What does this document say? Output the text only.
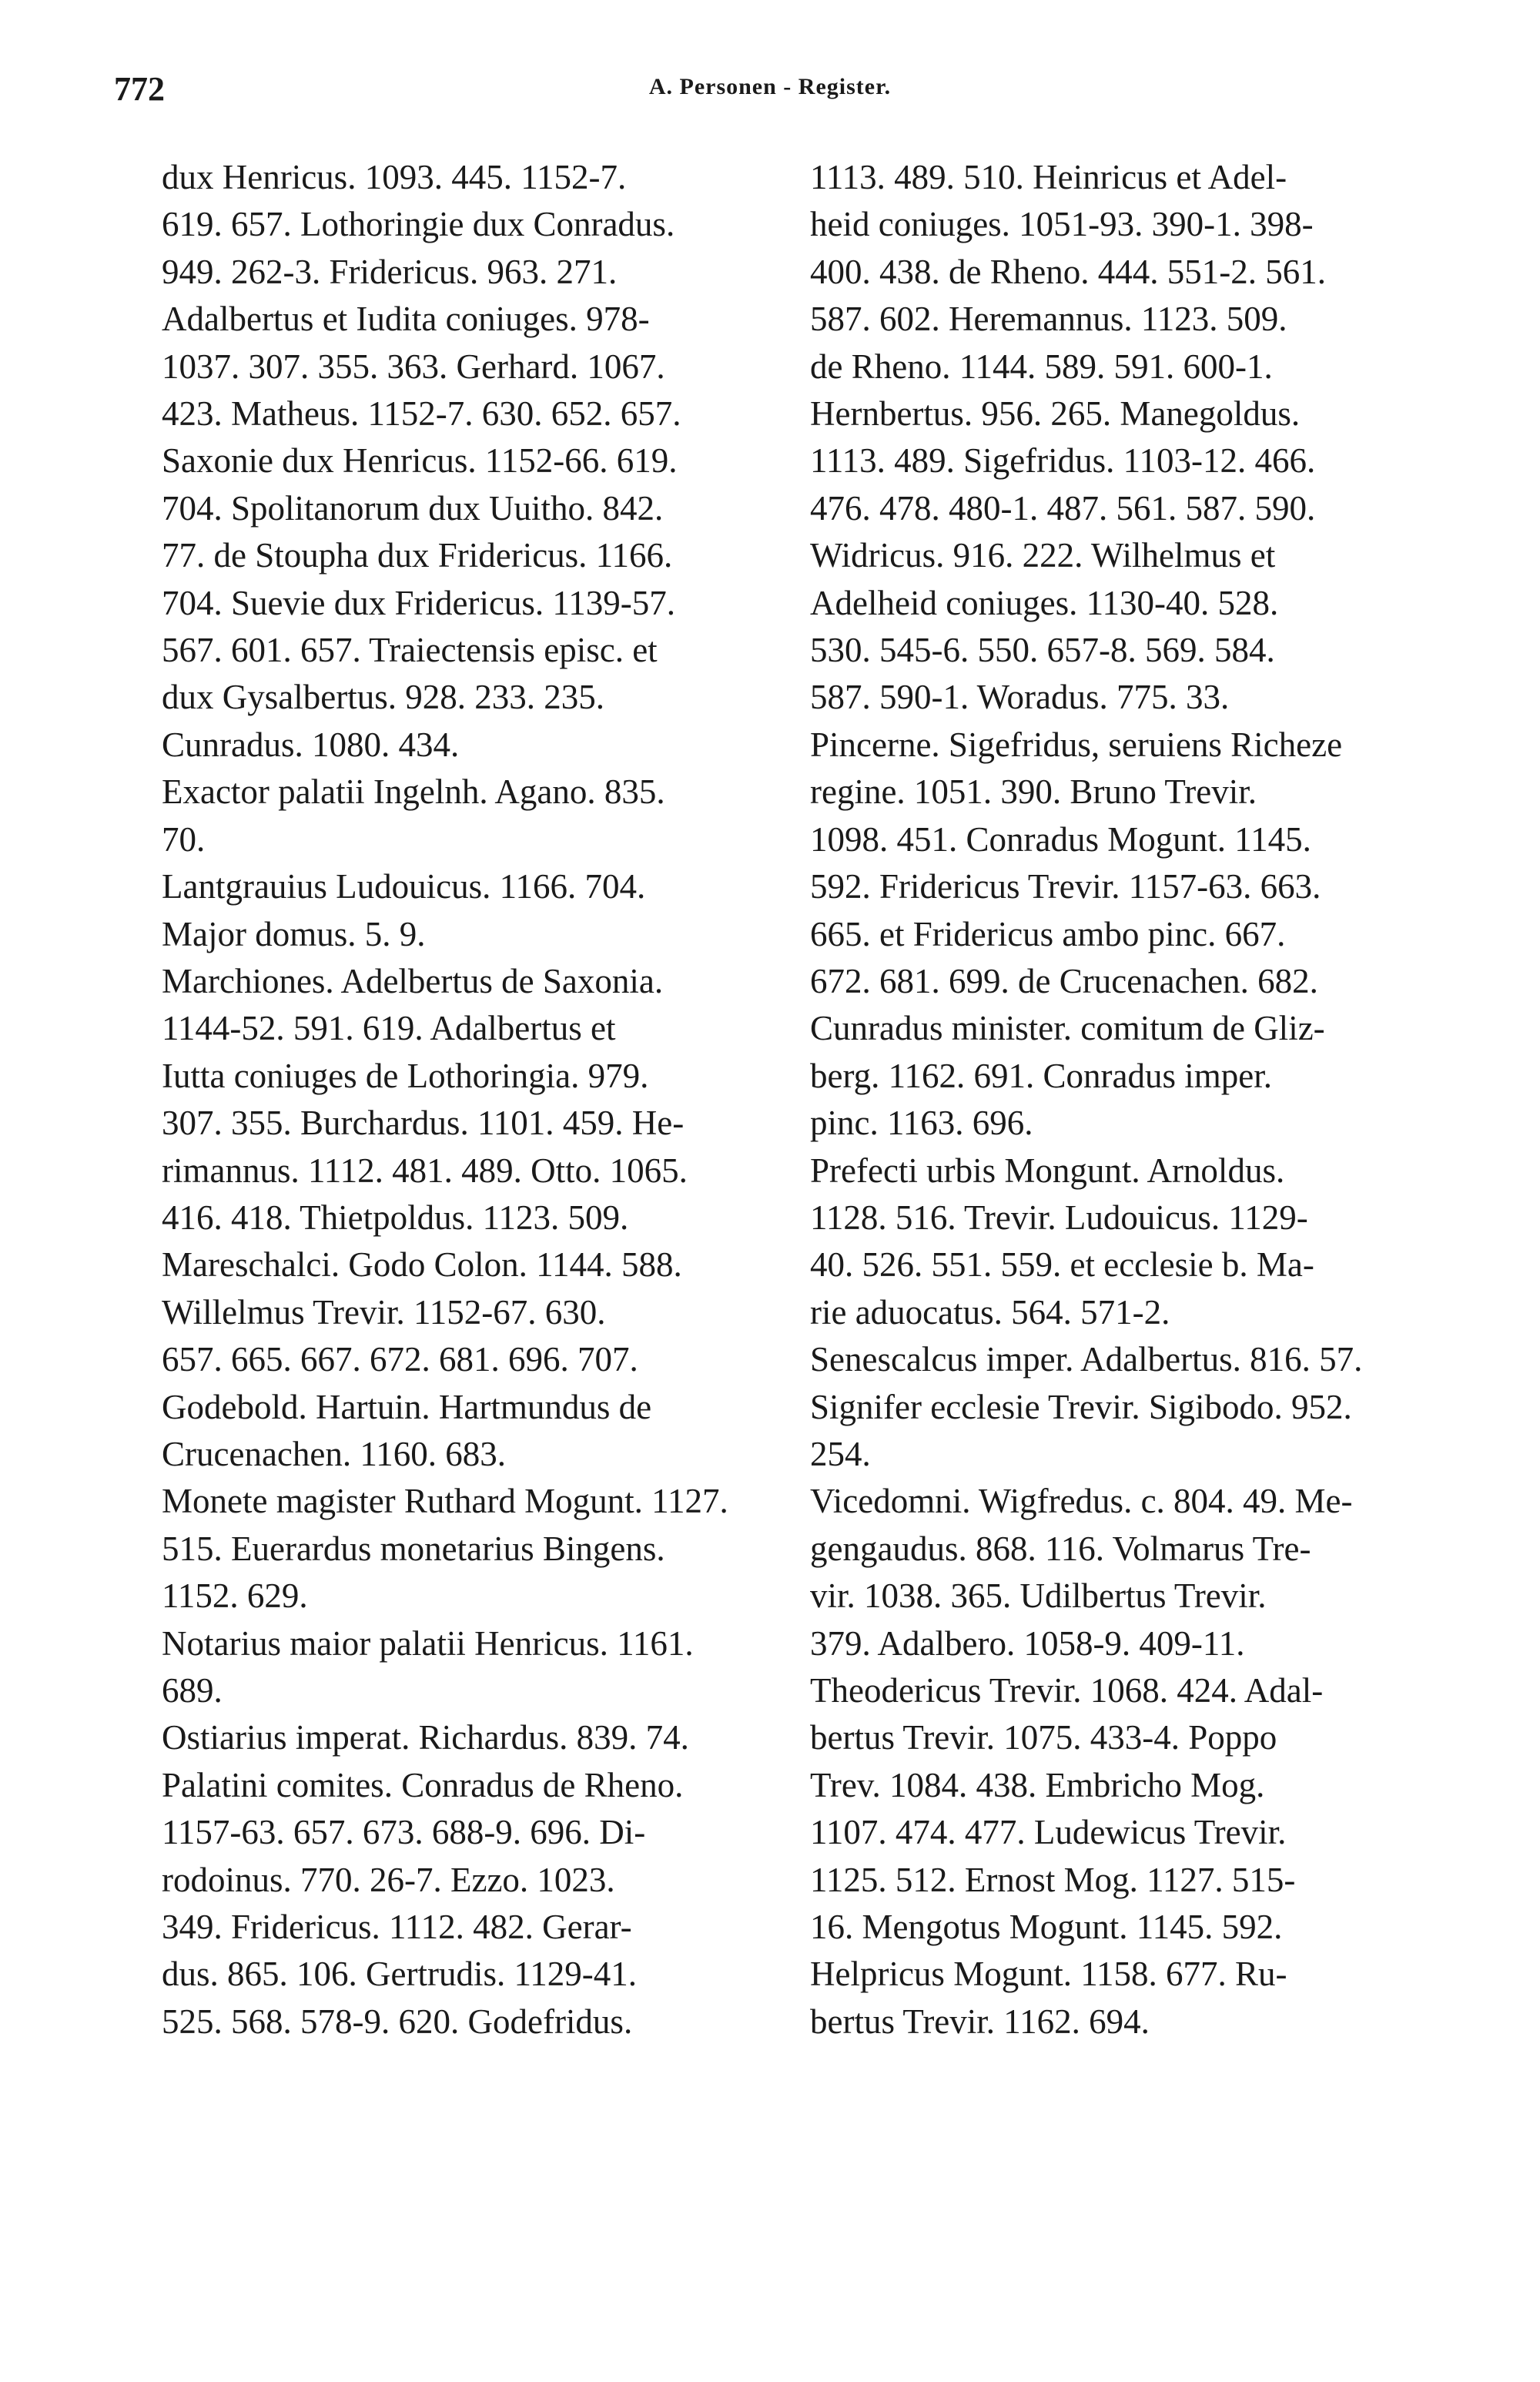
772	A. Personen - Register.
dux Henricus. 1093. 445. 1152-7.
619. 657. Lothoringie dux Conradus.
949. 262-3. Fridericus. 963. 271.
Adalbertus et Iudita coniuges. 978-
1037. 307. 355. 363. Gerhard. 1067.
423. Matheus. 1152-7. 630. 652. 657.
Saxonie dux Henricus. 1152-66. 619.
704. Spolitanorum dux Uuitho. 842.
77. de Stoupha dux Fridericus. 1166.
704. Suevie dux Fridericus. 1139-57.
567. 601. 657. Traiectensis episc. et
dux Gysalbertus. 928. 233. 235.
Cunradus. 1080. 434.
Exactor palatii Ingelnh. Agano. 835.
70.
Lantgrauius Ludouicus. 1166. 704.
Major domus. 5. 9.
Marchiones. Adelbertus de Saxonia.
1144-52. 591. 619. Adalbertus et
Iutta coniuges de Lothoringia. 979.
307. 355. Burchardus. 1101. 459. He-
rimannus. 1112. 481. 489. Otto. 1065.
416. 418. Thietpoldus. 1123. 509.
Mareschalci. Godo Colon. 1144. 588.
Willelmus Trevir. 1152-67. 630.
657. 665. 667. 672. 681. 696. 707.
Godebold. Hartuin. Hartmundus de
Crucenachen. 1160. 683.
Monete magister Ruthard Mogunt. 1127.
515. Euerardus monetarius Bingens.
1152. 629.
Notarius maior palatii Henricus. 1161.
689.
Ostiarius imperat. Richardus. 839. 74.
Palatini comites. Conradus de Rheno.
1157-63. 657. 673. 688-9. 696. Di-
rodoinus. 770. 26-7. Ezzo. 1023.
349. Fridericus. 1112. 482. Gerar-
dus. 865. 106. Gertrudis. 1129-41.
525. 568. 578-9. 620. Godefridus.
1113. 489. 510. Heinricus et Adel-
heid coniuges. 1051-93. 390-1. 398-
400. 438. de Rheno. 444. 551-2. 561.
587. 602. Heremannus. 1123. 509.
de Rheno. 1144. 589. 591. 600-1.
Hernbertus. 956. 265. Manegoldus.
1113. 489. Sigefridus. 1103-12. 466.
476. 478. 480-1. 487. 561. 587. 590.
Widricus. 916. 222. Wilhelmus et
Adelheid coniuges. 1130-40. 528.
530. 545-6. 550. 657-8. 569. 584.
587. 590-1. Woradus. 775. 33.
Pincerne. Sigefridus, seruiens Richeze
regine. 1051. 390. Bruno Trevir.
1098. 451. Conradus Mogunt. 1145.
592. Fridericus Trevir. 1157-63. 663.
665. et Fridericus ambo pinc. 667.
672. 681. 699. de Crucenachen. 682.
Cunradus minister. comitum de Gliz-
berg. 1162. 691. Conradus imper.
pinc. 1163. 696.
Prefecti urbis Mongunt. Arnoldus.
1128. 516. Trevir. Ludouicus. 1129-
40. 526. 551. 559. et ecclesie b. Ma-
rie aduocatus. 564. 571-2.
Senescalcus imper. Adalbertus. 816. 57.
Signifer ecclesie Trevir. Sigibodo. 952.
254.
Vicedomni. Wigfredus. c. 804. 49. Me-
gengaudus. 868. 116. Volmarus Tre-
vir. 1038. 365. Udilbertus Trevir.
379. Adalbero. 1058-9. 409-11.
Theodericus Trevir. 1068. 424. Adal-
bertus Trevir. 1075. 433-4. Poppo
Trev. 1084. 438. Embricho Mog.
1107. 474. 477. Ludewicus Trevir.
1125. 512. Ernost Mog. 1127. 515-
16. Mengotus Mogunt. 1145. 592.
Helpricus Mogunt. 1158. 677. Ru-
bertus Trevir. 1162. 694.
